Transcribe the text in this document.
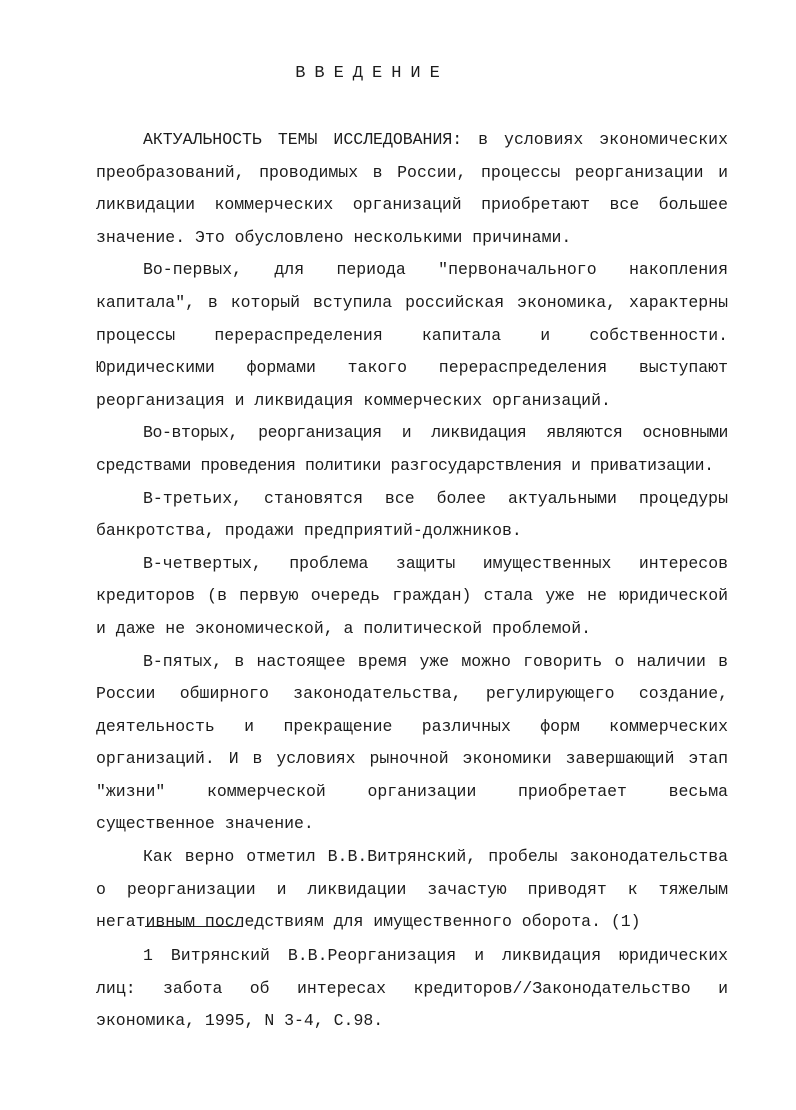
ВВЕДЕНИЕ

АКТУАЛЬНОСТЬ ТЕМЫ ИССЛЕДОВАНИЯ: в условиях экономических преобразований, проводимых в России, процессы реорганизации и ликвидации коммерческих организаций приобретают все большее значение. Это обусловлено несколькими причинами.

Во-первых, для периода "первоначального накопления капитала", в который вступила российская экономика, характерны процессы перераспределения капитала и собственности. Юридическими формами такого перераспределения выступают реорганизация и ликвидация коммерческих организаций.

Во-вторых, реорганизация и ликвидация являются основными средствами проведения политики разгосударствления и приватизации.

В-третьих, становятся все более актуальными процедуры банкротства, продажи предприятий-должников.

В-четвертых, проблема защиты имущественных интересов кредиторов (в первую очередь граждан) стала уже не юридической и даже не экономической, а политической проблемой.

В-пятых, в настоящее время уже можно говорить о наличии в России обширного законодательства, регулирующего создание, деятельность и прекращение различных форм коммерческих организаций. И в условиях рыночной экономики завершающий этап "жизни" коммерческой организации приобретает весьма существенное значение.

Как верно отметил В.В.Витрянский, пробелы законодательства о реорганизации и ликвидации зачастую приводят к тяжелым негативным последствиям для имущественного оборота. (1)

1 Витрянский В.В.Реорганизация и ликвидация юридических лиц: забота об интересах кредиторов//Законодательство и экономика, 1995, N 3-4, С.98.
